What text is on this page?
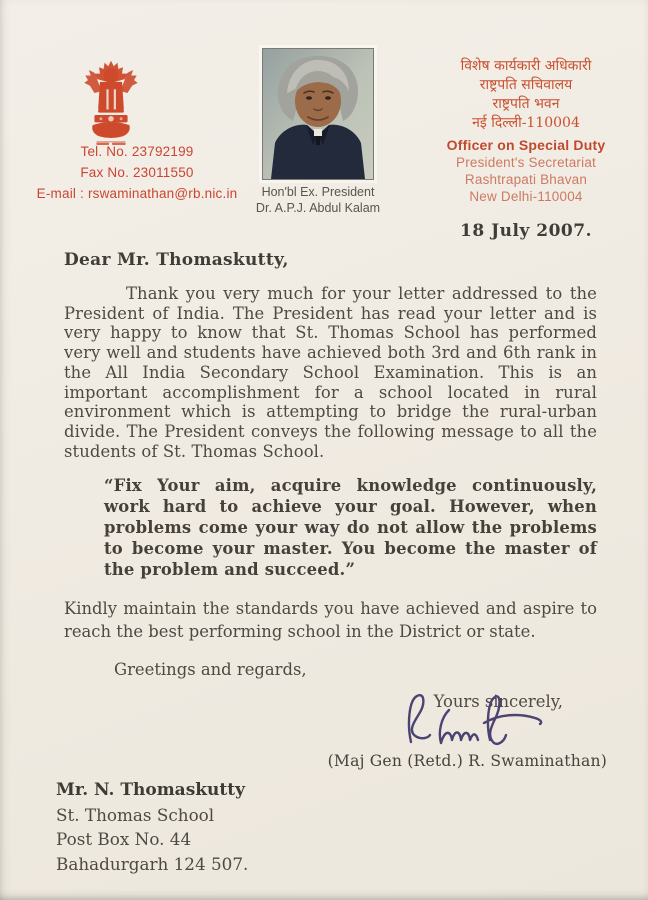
Tel. No. 23792199
Fax No. 23011550
E-mail : rswaminathan@rb.nic.in	Hon'bl Ex. President
Dr. A.P.J. Abdul Kalam
विशेष कार्यकारी अधिकारी
राष्ट्रपति सचिवालय
राष्ट्रपति भवन
नई दिल्ली-110004
Officer on Special Duty
President's Secretariat
Rashtrapati Bhavan
New Delhi-110004
18 July 2007.
Dear Mr. Thomaskutty,
Thank you very much for your letter addressed to the President of India. The President has read your letter and is very happy to know that St. Thomas School has performed very well and students have achieved both 3rd and 6th rank in the All India Secondary School Examination. This is an important accomplishment for a school located in rural environment which is attempting to bridge the rural-urban divide. The President conveys the following message to all the students of St. Thomas School.
“Fix Your aim, acquire knowledge continuously, work hard to achieve your goal. However, when problems come your way do not allow the problems to become your master. You become the master of the problem and succeed.”
Kindly maintain the standards you have achieved and aspire to reach the best performing school in the District or state.
Greetings and regards,
Yours sincerely,
(Maj Gen (Retd.) R. Swaminathan)
Mr. N. Thomaskutty
St. Thomas School
Post Box No. 44
Bahadurgarh 124 507.
